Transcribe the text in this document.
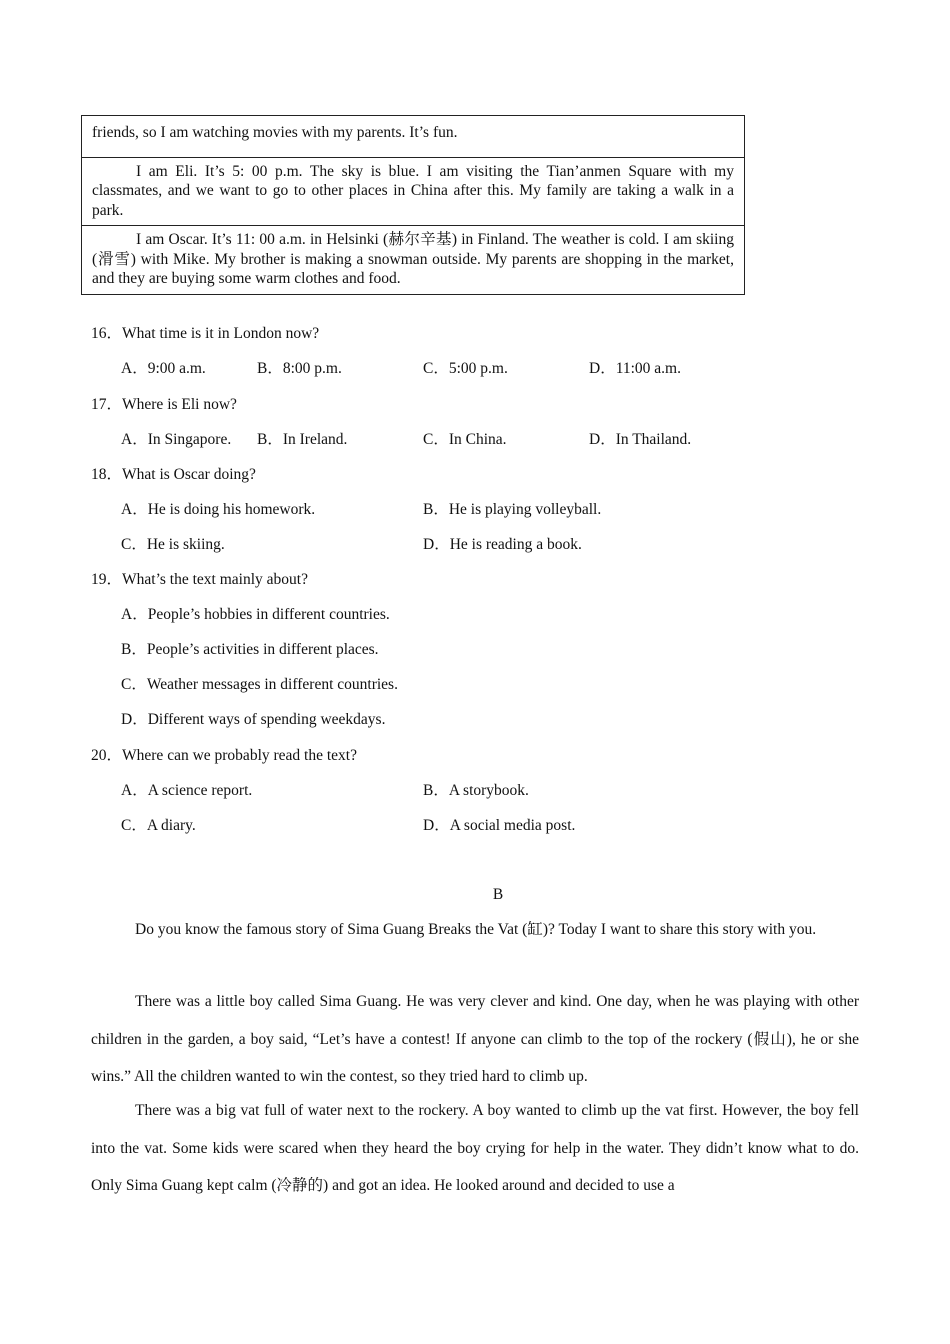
friends, so I am watching movies with my parents. It’s fun.

I am Eli. It’s 5: 00 p.m. The sky is blue. I am visiting the Tian’anmen Square with my classmates, and we want to go to other places in China after this. My family are taking a walk in a park.

I am Oscar. It’s 11: 00 a.m. in Helsinki (赫尔辛基) in Finland. The weather is cold. I am skiing (滑雪) with Mike. My brother is making a snowman outside. My parents are shopping in the market, and they are buying some warm clothes and food.

16．What time is it in London now?
A．9:00 a.m.	B．8:00 p.m.	C．5:00 p.m.	D．11:00 a.m.
17．Where is Eli now?
A．In Singapore. B．In Ireland.	C．In China.	D．In Thailand.
18．What is Oscar doing?
A．He is doing his homework.	B．He is playing volleyball.
C．He is skiing.	D．He is reading a book.
19．What’s the text mainly about?
A．People’s hobbies in different countries.
B．People’s activities in different places.
C．Weather messages in different countries.
D．Different ways of spending weekdays.
20．Where can we probably read the text?
A．A science report.	B．A storybook.
C．A diary.	D．A social media post.
B

Do you know the famous story of Sima Guang Breaks the Vat (缸)? Today I want to share this story with you.

There was a little boy called Sima Guang. He was very clever and kind. One day, when he was playing with other children in the garden, a boy said, “Let’s have a contest! If anyone can climb to the top of the rockery (假山), he or she wins.” All the children wanted to win the contest, so they tried hard to climb up.

There was a big vat full of water next to the rockery. A boy wanted to climb up the vat first. However, the boy fell into the vat. Some kids were scared when they heard the boy crying for help in the water. They didn’t know what to do. Only Sima Guang kept calm (冷静的) and got an idea. He looked around and decided to use a
